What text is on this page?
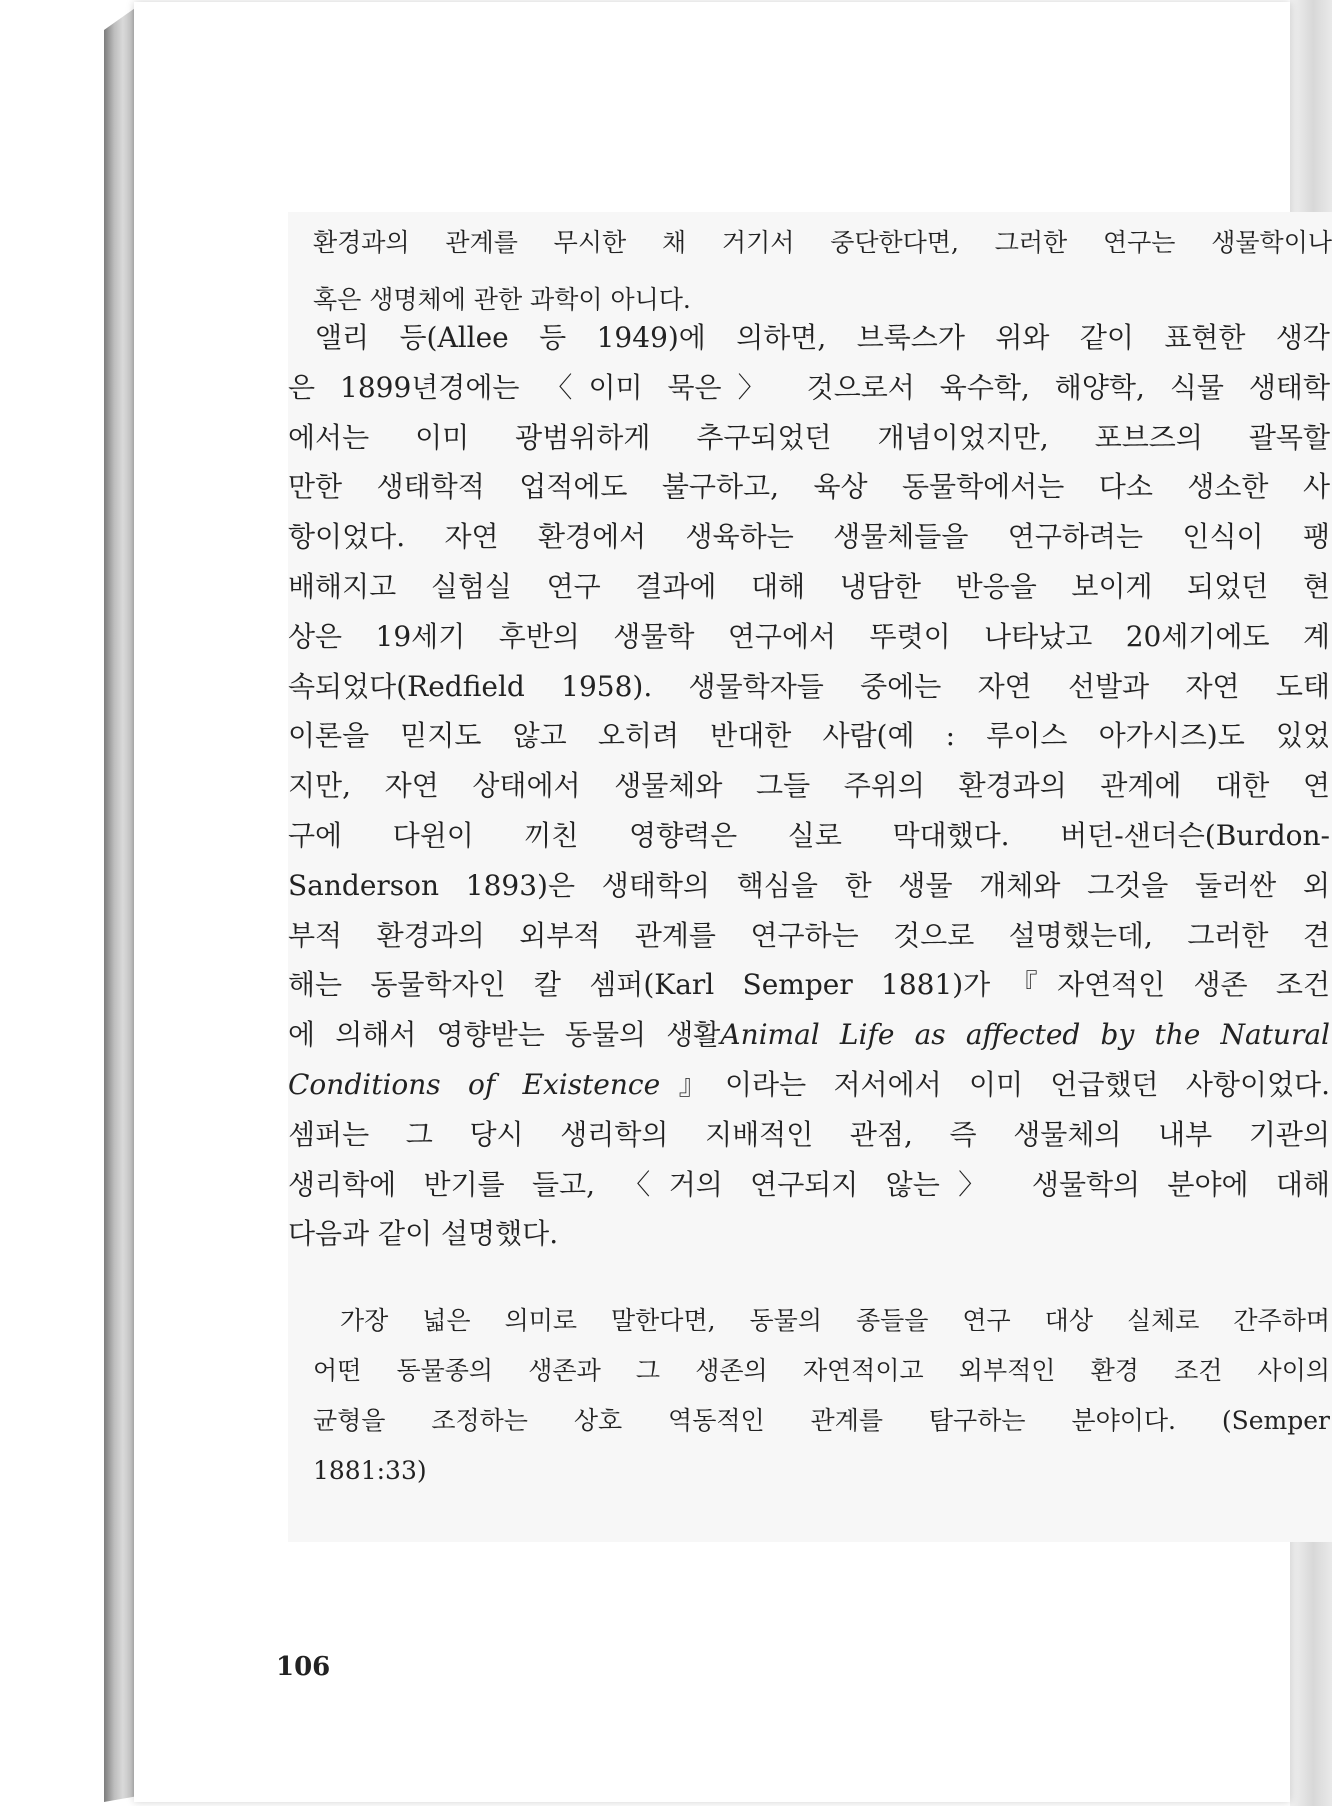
환경과의 관계를 무시한 채 거기서 중단한다면, 그러한 연구는 생물학이나
혹은 생명체에 관한 과학이 아니다.
앨리 등(Allee 등 1949)에 의하면, 브룩스가 위와 같이 표현한 생각
은 1899년경에는 〈이미 묵은〉 것으로서 육수학, 해양학, 식물 생태학
에서는 이미 광범위하게 추구되었던 개념이었지만, 포브즈의 괄목할
만한 생태학적 업적에도 불구하고, 육상 동물학에서는 다소 생소한 사
항이었다. 자연 환경에서 생육하는 생물체들을 연구하려는 인식이 팽
배해지고 실험실 연구 결과에 대해 냉담한 반응을 보이게 되었던 현
상은 19세기 후반의 생물학 연구에서 뚜렷이 나타났고 20세기에도 계
속되었다(Redfield 1958). 생물학자들 중에는 자연 선발과 자연 도태
이론을 믿지도 않고 오히려 반대한 사람(예 : 루이스 아가시즈)도 있었
지만, 자연 상태에서 생물체와 그들 주위의 환경과의 관계에 대한 연
구에 다윈이 끼친 영향력은 실로 막대했다. 버던-샌더슨(Burdon-
Sanderson 1893)은 생태학의 핵심을 한 생물 개체와 그것을 둘러싼 외
부적 환경과의 외부적 관계를 연구하는 것으로 설명했는데, 그러한 견
해는 동물학자인 칼 셈퍼(Karl Semper 1881)가『자연적인 생존 조건
에 의해서 영향받는 동물의 생활Animal Life as affected by the Natural
Conditions of Existence』이라는 저서에서 이미 언급했던 사항이었다.
셈퍼는 그 당시 생리학의 지배적인 관점, 즉 생물체의 내부 기관의
생리학에 반기를 들고, 〈거의 연구되지 않는〉 생물학의 분야에 대해
다음과 같이 설명했다.
가장 넓은 의미로 말한다면, 동물의 종들을 연구 대상 실체로 간주하며
어떤 동물종의 생존과 그 생존의 자연적이고 외부적인 환경 조건 사이의
균형을 조정하는 상호 역동적인 관계를 탐구하는 분야이다. (Semper
1881:33)
106
